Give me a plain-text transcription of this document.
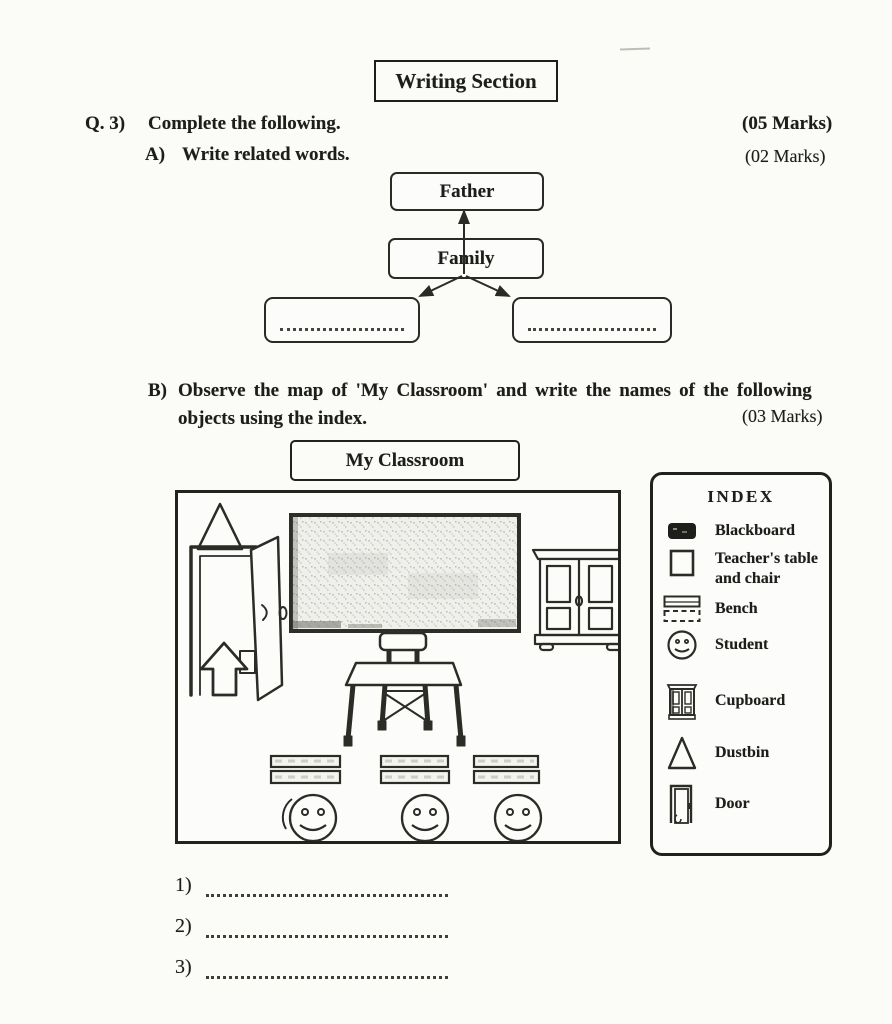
Writing Section
Q. 3) Complete the following.	(05 Marks)
A) Write related words.	(02 Marks)
Father
Family
B) Observe the map of 'My Classroom' and write the names of the following
objects using the index.	(03 Marks)
My Classroom
INDEX
Blackboard
Teacher's table and chair
Bench
Student
Cupboard
Dustbin
Door
1)
2)
3)
